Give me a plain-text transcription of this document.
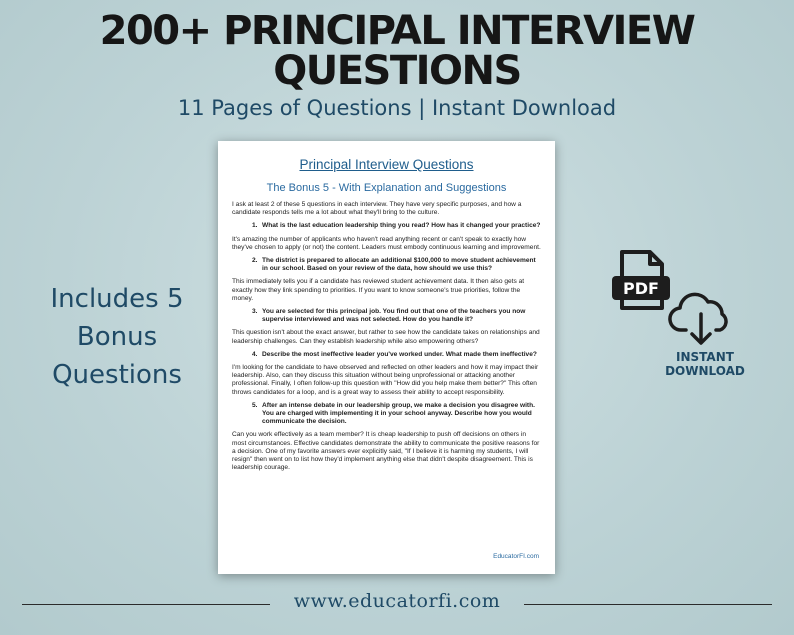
200+ PRINCIPAL INTERVIEW
QUESTIONS
11 Pages of Questions | Instant Download
Includes 5
Bonus
Questions
Principal Interview Questions
The Bonus 5 - With Explanation and Suggestions

I ask at least 2 of these 5 questions in each interview. They have very specific purposes, and how a candidate responds tells me a lot about what they'll bring to the culture.

1. What is the last education leadership thing you read? How has it changed your practice?

It's amazing the number of applicants who haven't read anything recent or can't speak to exactly how they've chosen to apply (or not) the content. Leaders must embody continuous learning and improvement.

2. The district is prepared to allocate an additional $100,000 to move student achievement in our school. Based on your review of the data, how should we use this?

This immediately tells you if a candidate has reviewed student achievement data. It then also gets at exactly how they link spending to priorities. If you want to know someone's true priorities, follow the money.

3. You are selected for this principal job. You find out that one of the teachers you now supervise interviewed and was not selected. How do you handle it?

This question isn't about the exact answer, but rather to see how the candidate takes on relationships and leadership challenges. Can they establish leadership while also empowering others?

4. Describe the most ineffective leader you've worked under. What made them ineffective?

I'm looking for the candidate to have observed and reflected on other leaders and how it may impact their leadership. Also, can they discuss this situation without being unprofessional or attacking another professional. Finally, I often follow-up this question with "How did you help make them better?" This often throws candidates for a loop, and is a great way to assess their ability to accept responsibility.

5. After an intense debate in our leadership group, we make a decision you disagree with. You are charged with implementing it in your school anyway. Describe how you would communicate the decision.

Can you work effectively as a team member? It is cheap leadership to push off decisions on others in most circumstances. Effective candidates demonstrate the ability to communicate the positive reasons for a decision. One of my favorite answers ever explicitly said, "If I believe it is harming my students, I will resign" then went on to list how they'd implement anything else that didn't despite disagreement. This is leadership courage.

EducatorFI.com
PDF
INSTANT
DOWNLOAD
www.educatorfi.com
